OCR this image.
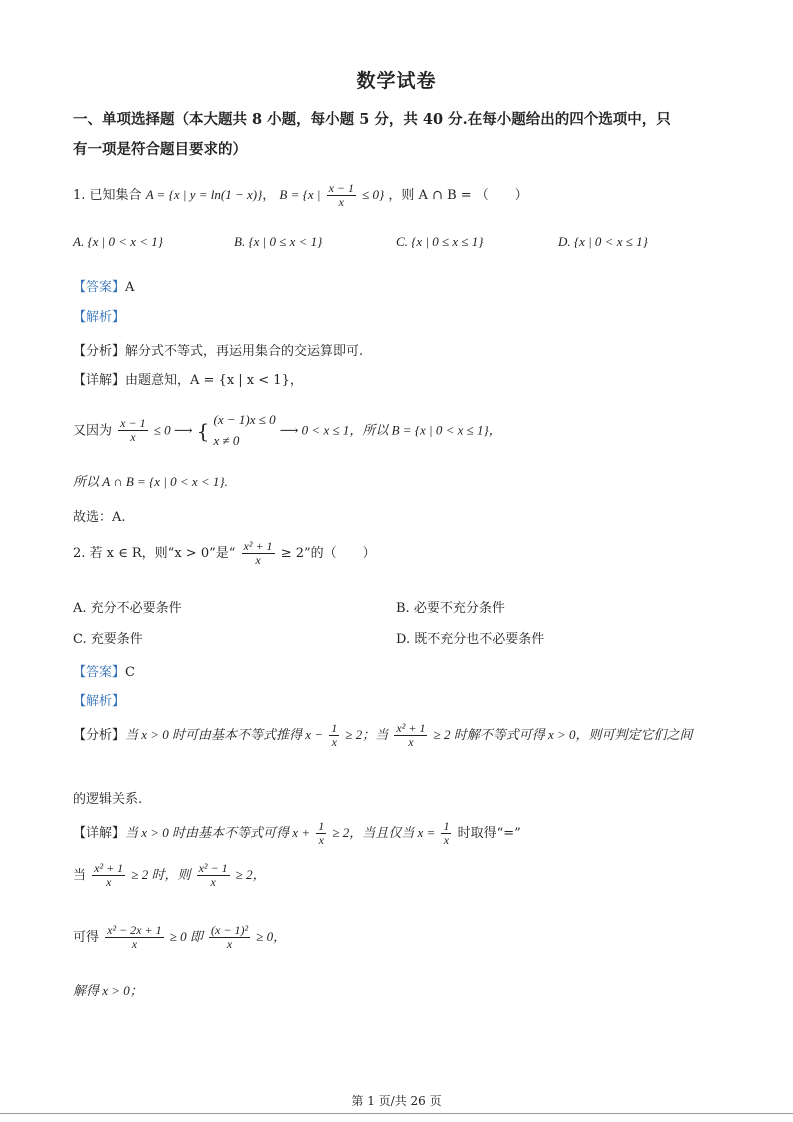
数学试卷
一、单项选择题（本大题共 8 小题，每小题 5 分，共 40 分.在每小题给出的四个选项中，只
有一项是符合题目要求的）
1. 已知集合 A = {x | y = ln(1 − x)}， B = {x | $\frac{x - 1}{x} \le 0$} ，则 A ∩ B = （　　）
A. {x | 0 < x < 1}	B. {x | 0 ≤ x < 1}	C. {x | 0 ≤ x ≤ 1}	D. {x | 0 < x ≤ 1}
【答案】A
【解析】
【分析】解分式不等式，再运用集合的交运算即可.
【详解】由题意知，A = {x | x < 1}，
又因为 $\frac{x - 1}{x} \le 0$ ⟶ { (x − 1)x ≤ 0
x ≠ 0
⟶ 0 < x ≤ 1，所以 B = {x | 0 < x ≤ 1}，
所以 A ∩ B = {x | 0 < x < 1}.
故选：A.
2. 若 x ∈ R，则“x > 0”是“ $\frac{\text{x² + 1}}{x} \ge 2$”的（　　）
A. 充分不必要条件	B. 必要不充分条件
C. 充要条件	D. 既不充分也不必要条件
【答案】C
【解析】
【分析】当 x > 0 时可由基本不等式推得 $x - \frac{1}{x} \ge 2$；当 $\frac{\text{x² + 1}}{x} \ge 2$ 时解不等式可得 x > 0，则可判定它们之间
的逻辑关系.
【详解】当 x > 0 时由基本不等式可得 $x + \frac{1}{x} \ge 2$，当且仅当 $x = \frac{1}{x}$ 时取得“=”
当 $\frac{\text{x² + 1}}{x} \ge 2$ 时，则 $\frac{\text{x² − 1}}{x} \ge 2$，
可得 $\frac{\text{x² − 2x + 1}}{x} \ge 0$ 即 $\frac{\text{(x − 1)²}}{x} \ge 0$，
解得 x > 0；
第 1 页/共 26 页
